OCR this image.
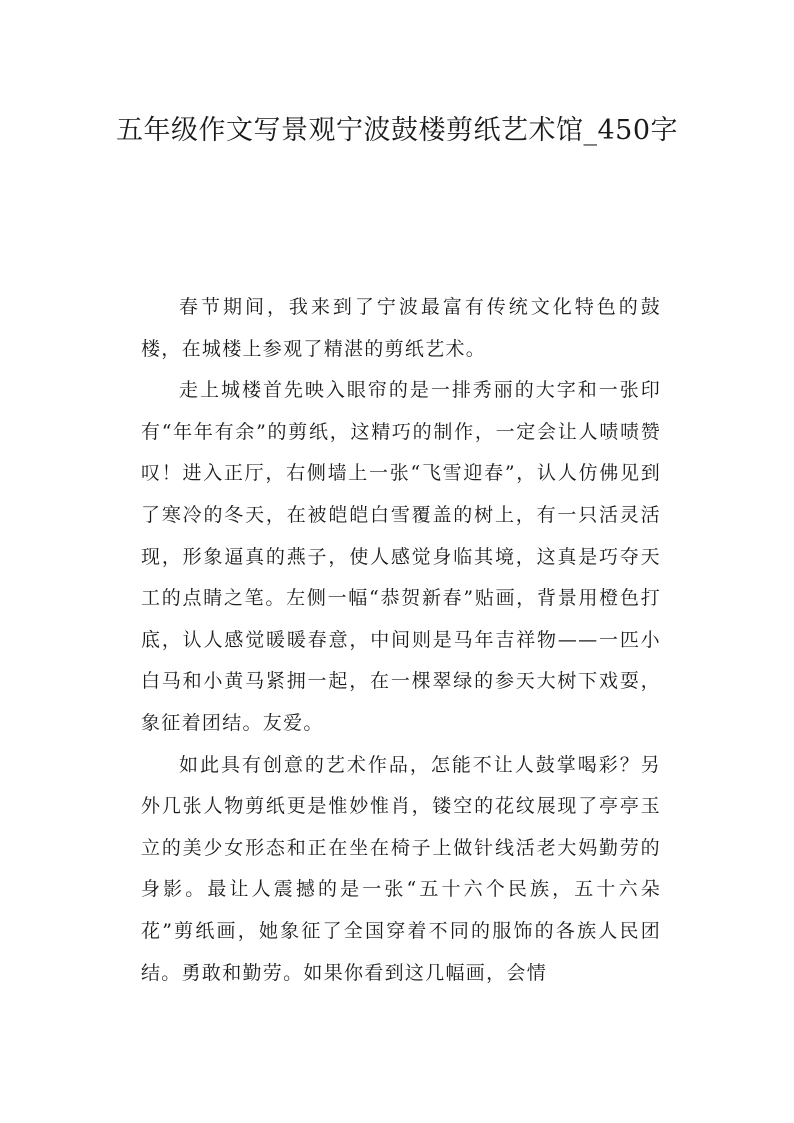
五年级作文写景观宁波鼓楼剪纸艺术馆_450字

春节期间，我来到了宁波最富有传统文化特色的鼓楼，在城楼上参观了精湛的剪纸艺术。

走上城楼首先映入眼帘的是一排秀丽的大字和一张印有“年年有余”的剪纸，这精巧的制作，一定会让人啧啧赞叹！进入正厅，右侧墙上一张“飞雪迎春”，认人仿佛见到了寒冷的冬天，在被皑皑白雪覆盖的树上，有一只活灵活现，形象逼真的燕子，使人感觉身临其境，这真是巧夺天工的点睛之笔。左侧一幅“恭贺新春”贴画，背景用橙色打底，认人感觉暖暖春意，中间则是马年吉祥物——一匹小白马和小黄马紧拥一起，在一棵翠绿的参天大树下戏耍，象征着团结。友爱。

如此具有创意的艺术作品，怎能不让人鼓掌喝彩？另外几张人物剪纸更是惟妙惟肖，镂空的花纹展现了亭亭玉立的美少女形态和正在坐在椅子上做针线活老大妈勤劳的身影。最让人震撼的是一张“五十六个民族，五十六朵花”剪纸画，她象征了全国穿着不同的服饰的各族人民团结。勇敢和勤劳。如果你看到这几幅画，会情
